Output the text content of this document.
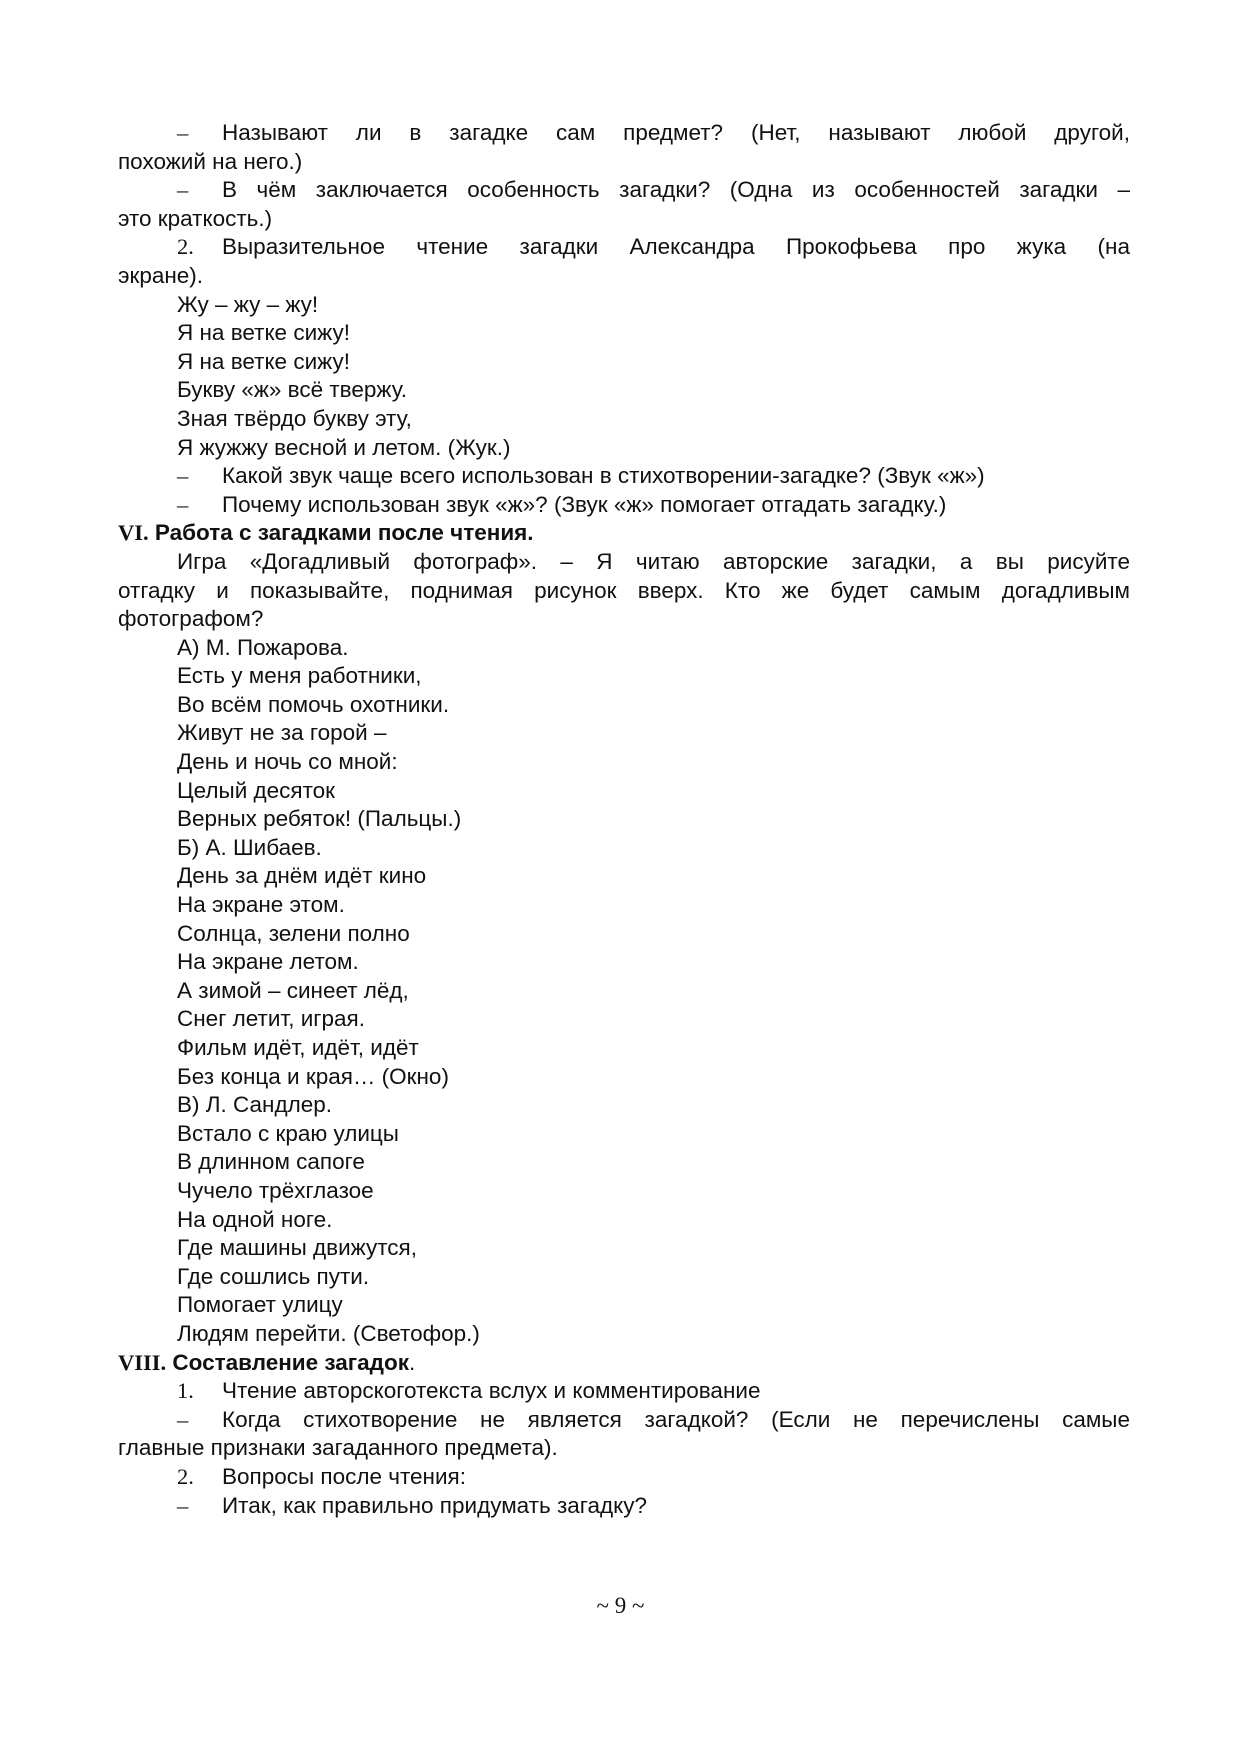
– Называют ли в загадке сам предмет? (Нет, называют любой другой,
похожий на него.)
– В чём заключается особенность загадки? (Одна из особенностей загадки –
это краткость.)
2. Выразительное чтение загадки Александра Прокофьева про жука (на
экране).
Жу – жу – жу!
Я на ветке сижу!
Я на ветке сижу!
Букву «ж» всё твержу.
Зная твёрдо букву эту,
Я жужжу весной и летом. (Жук.)
– Какой звук чаще всего использован в стихотворении-загадке? (Звук «ж»)
– Почему использован звук «ж»? (Звук «ж» помогает отгадать загадку.)
VI. Работа с загадками после чтения.
Игра «Догадливый фотограф». – Я читаю авторские загадки, а вы рисуйте
отгадку и показывайте, поднимая рисунок вверх. Кто же будет самым догадливым
фотографом?
А) М. Пожарова.
Есть у меня работники,
Во всём помочь охотники.
Живут не за горой –
День и ночь со мной:
Целый десяток
Верных ребяток! (Пальцы.)
Б) А. Шибаев.
День за днём идёт кино
На экране этом.
Солнца, зелени полно
На экране летом.
А зимой – синеет лёд,
Снег летит, играя.
Фильм идёт, идёт, идёт
Без конца и края… (Окно)
В) Л. Сандлер.
Встало с краю улицы
В длинном сапоге
Чучело трёхглазое
На одной ноге.
Где машины движутся,
Где сошлись пути.
Помогает улицу
Людям перейти. (Светофор.)
VIII. Составление загадок.
1. Чтение авторскоготекста вслух и комментирование
– Когда стихотворение не является загадкой? (Если не перечислены самые
главные признаки загаданного предмета).
2. Вопросы после чтения:
– Итак, как правильно придумать загадку?
~ 9 ~
